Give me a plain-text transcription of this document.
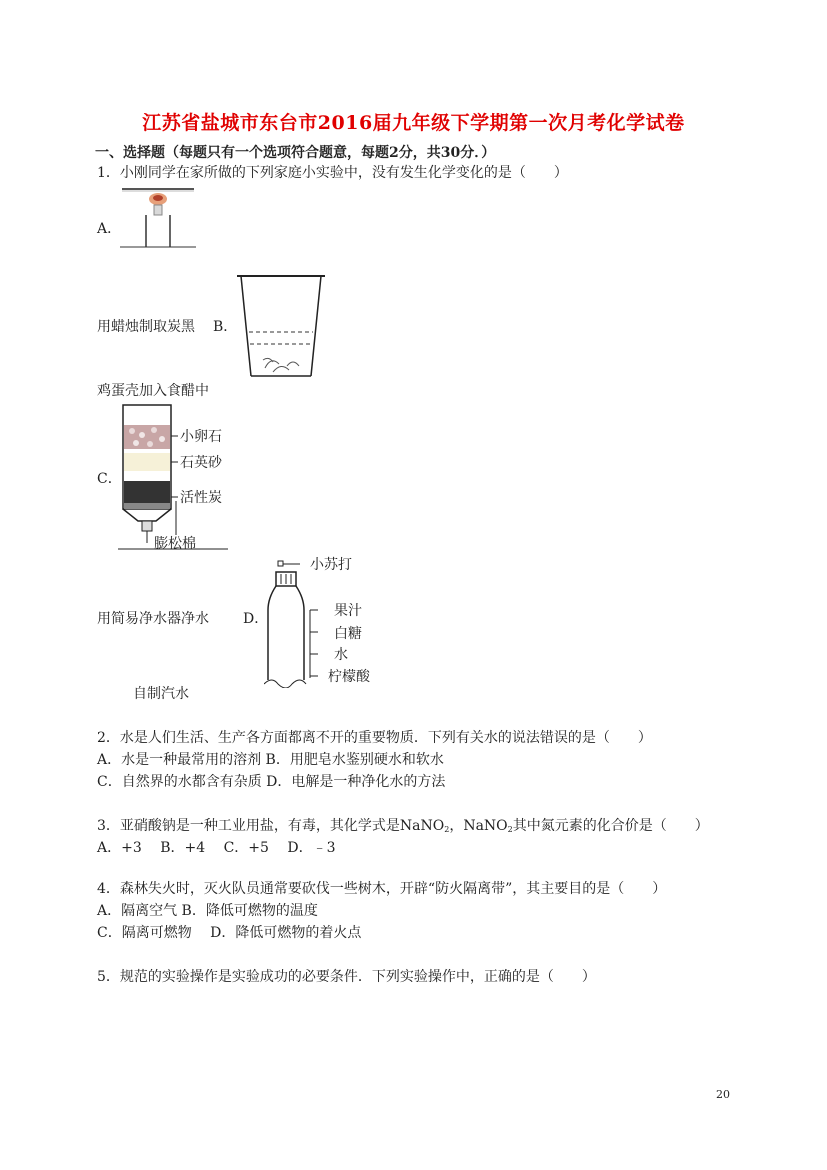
江苏省盐城市东台市2016届九年级下学期第一次月考化学试卷
一、选择题（每题只有一个选项符合题意，每题2分，共30分．）
1．小刚同学在家所做的下列家庭小实验中，没有发生化学变化的是（　　）
A．
用蜡烛制取炭黑 B．
鸡蛋壳加入食醋中
C．
小卵石
石英砂
活性炭
膨松棉
用简易净水器净水 D．
小苏打
果汁
白糖
水
柠檬酸
自制汽水
2．水是人们生活、生产各方面都离不开的重要物质．下列有关水的说法错误的是（　　）
A．水是一种最常用的溶剂 B．用肥皂水鉴别硬水和软水
C．自然界的水都含有杂质 D．电解是一种净化水的方法
3．亚硝酸钠是一种工业用盐，有毒，其化学式是NaNO$_2$，NaNO$_2$其中氮元素的化合价是（　　）
A．+3　 B．+4　 C．+5　 D．﹣3
4．森林失火时，灭火队员通常要砍伐一些树木，开辟“防火隔离带”，其主要目的是（　　）
A．隔离空气 B．降低可燃物的温度
C．隔离可燃物　 D．降低可燃物的着火点
5．规范的实验操作是实验成功的必要条件．下列实验操作中，正确的是（　　）
20
